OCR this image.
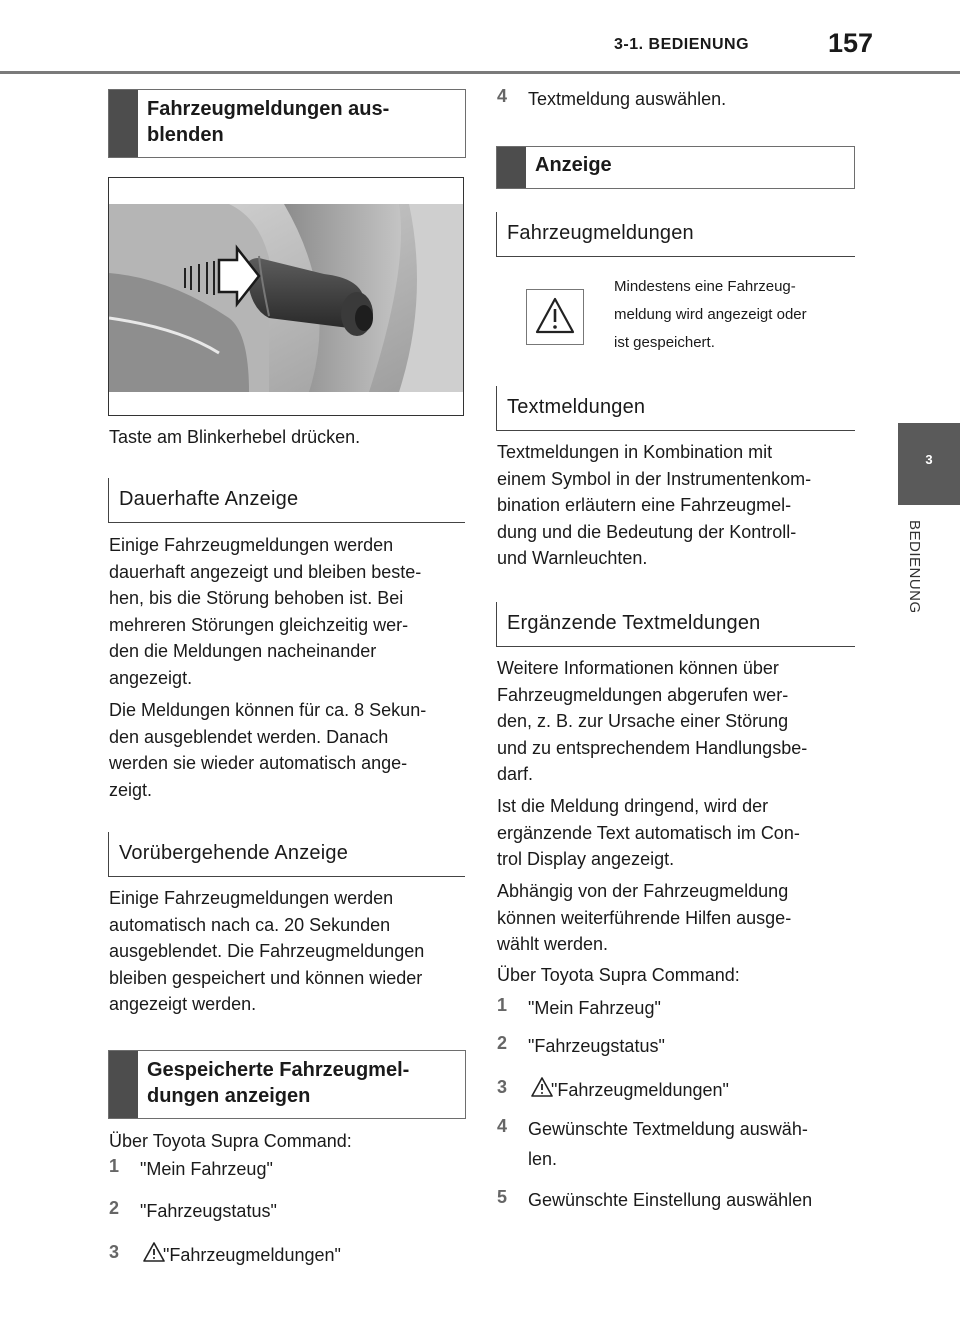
3-1. BEDIENUNG	157
3
BEDIENUNG
Fahrzeugmeldungen aus-
blenden
Taste am Blinkerhebel drücken.
Dauerhafte Anzeige
Einige Fahrzeugmeldungen werden
dauerhaft angezeigt und bleiben beste-
hen, bis die Störung behoben ist. Bei
mehreren Störungen gleichzeitig wer-
den die Meldungen nacheinander
angezeigt.
Die Meldungen können für ca. 8 Sekun-
den ausgeblendet werden. Danach
werden sie wieder automatisch ange-
zeigt.
Vorübergehende Anzeige
Einige Fahrzeugmeldungen werden
automatisch nach ca. 20 Sekunden
ausgeblendet. Die Fahrzeugmeldungen
bleiben gespeichert und können wieder
angezeigt werden.
Gespeicherte Fahrzeugmel-
dungen anzeigen
Über Toyota Supra Command:
1 "Mein Fahrzeug"
2 "Fahrzeugstatus"
3 "Fahrzeugmeldungen"
4 Textmeldung auswählen.
Anzeige
Fahrzeugmeldungen
Mindestens eine Fahrzeug-
meldung wird angezeigt oder
ist gespeichert.
Textmeldungen
Textmeldungen in Kombination mit
einem Symbol in der Instrumentenkom-
bination erläutern eine Fahrzeugmel-
dung und die Bedeutung der Kontroll-
und Warnleuchten.
Ergänzende Textmeldungen
Weitere Informationen können über
Fahrzeugmeldungen abgerufen wer-
den, z. B. zur Ursache einer Störung
und zu entsprechendem Handlungsbe-
darf.
Ist die Meldung dringend, wird der
ergänzende Text automatisch im Con-
trol Display angezeigt.
Abhängig von der Fahrzeugmeldung
können weiterführende Hilfen ausge-
wählt werden.
Über Toyota Supra Command:
1 "Mein Fahrzeug"
2 "Fahrzeugstatus"
3 "Fahrzeugmeldungen"
4 Gewünschte Textmeldung auswäh-
len.
5 Gewünschte Einstellung auswählen
